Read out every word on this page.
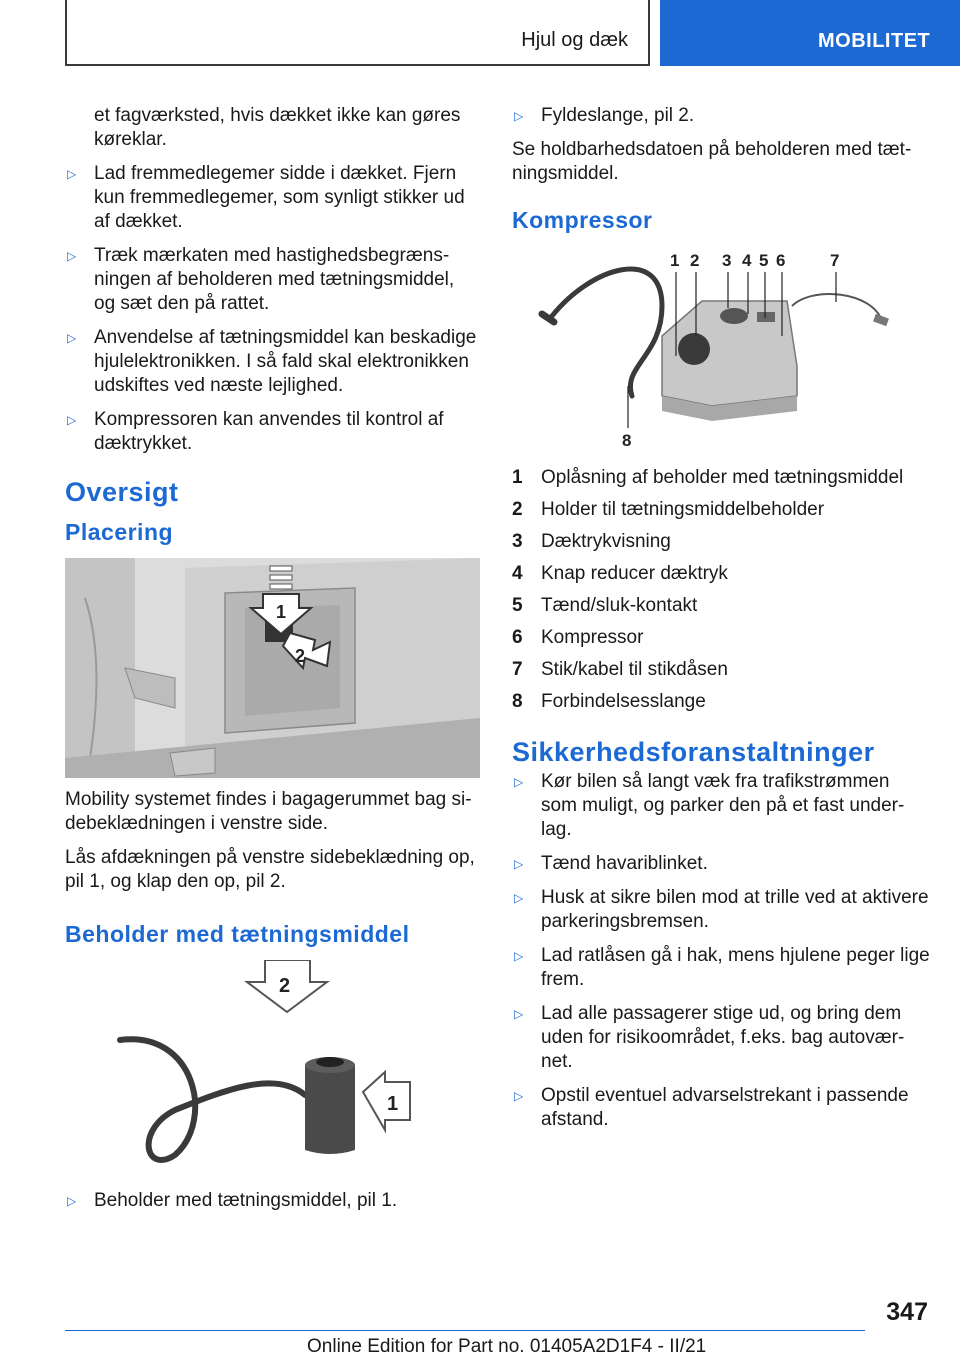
Hjul og dæk	MOBILITET
et fagværksted, hvis dækket ikke kan gøres køreklar.
▷ Lad fremmedlegemer sidde i dækket. Fjern kun fremmedlegemer, som synligt stikker ud af dækket.
▷ Træk mærkaten med hastighedsbegræns-ningen af beholderen med tætningsmiddel, og sæt den på rattet.
▷ Anvendelse af tætningsmiddel kan beskadige hjulelektronikken. I så fald skal elektronikken udskiftes ved næste lejlighed.
▷ Kompressoren kan anvendes til kontrol af dæktrykket.
Oversigt
Placering
1
2

Mobility systemet findes i bagagerummet bag si-debeklædningen i venstre side.

Lås afdækningen på venstre sidebeklædning op, pil 1, og klap den op, pil 2.

Beholder med tætningsmiddel
2
1
▷ Beholder med tætningsmiddel, pil 1.
▷ Fyldeslange, pil 2.

Se holdbarhedsdatoen på beholderen med tæt-ningsmiddel.

Kompressor
1 2 3 4 5 6	7
8
1 Oplåsning af beholder med tætningsmiddel
2 Holder til tætningsmiddelbeholder
3 Dæktrykvisning
4 Knap reducer dæktryk
5 Tænd/sluk-kontakt
6 Kompressor
7 Stik/kabel til stikdåsen
8 Forbindelsesslange
Sikkerhedsforanstaltninger
▷ Kør bilen så langt væk fra trafikstrømmen som muligt, og parker den på et fast under-lag.
▷ Tænd havariblinket.
▷ Husk at sikre bilen mod at trille ved at aktivere parkeringsbremsen.
▷ Lad ratlåsen gå i hak, mens hjulene peger lige frem.
▷ Lad alle passagerer stige ud, og bring dem uden for risikoområdet, f.eks. bag autovær-net.
▷ Opstil eventuel advarselstrekant i passende afstand.
347
Online Edition for Part no. 01405A2D1F4 - II/21
